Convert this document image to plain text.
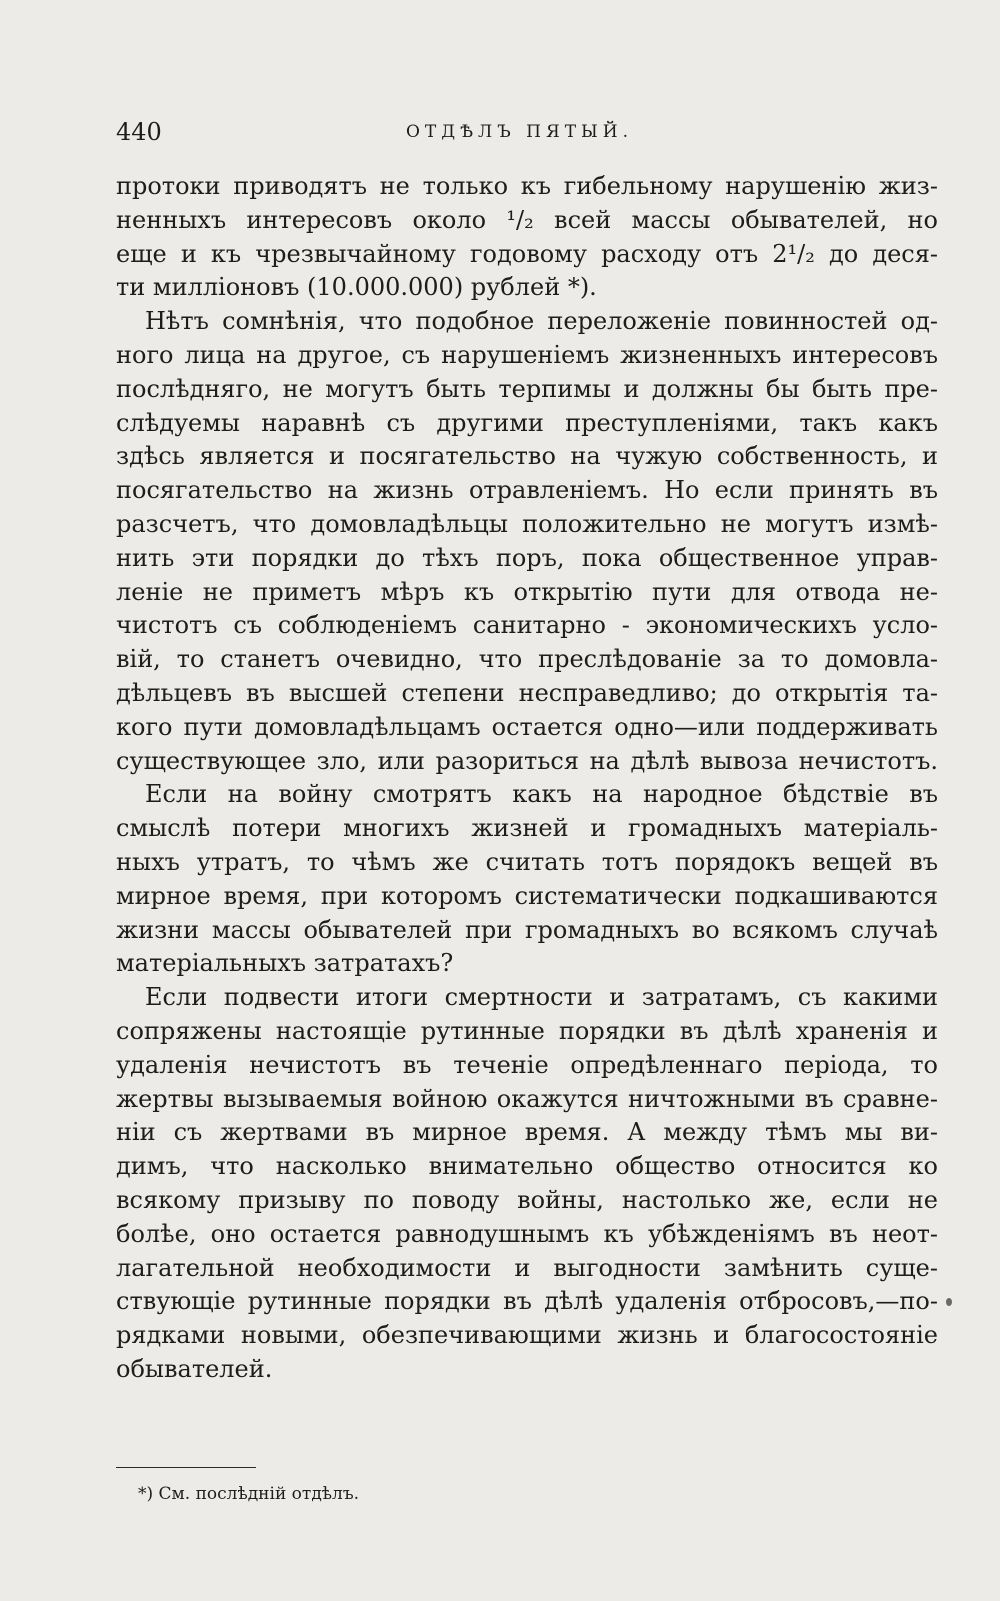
440	ОТДѢЛЪ ПЯТЫЙ.
протоки приводятъ не только къ гибельному нарушенію жиз-
ненныхъ интересовъ около ¹/₂ всей массы обывателей, но
еще и къ чрезвычайному годовому расходу отъ 2¹/₂ до деся-
ти милліоновъ (10.000.000) рублей *).
Нѣтъ сомнѣнія, что подобное переложеніе повинностей од-
ного лица на другое, съ нарушеніемъ жизненныхъ интересовъ
послѣдняго, не могутъ быть терпимы и должны бы быть пре-
слѣдуемы наравнѣ съ другими преступленіями, такъ какъ
здѣсь является и посягательство на чужую собственность, и
посягательство на жизнь отравленіемъ. Но если принять въ
разсчетъ, что домовладѣльцы положительно не могутъ измѣ-
нить эти порядки до тѣхъ поръ, пока общественное управ-
леніе не приметъ мѣръ къ открытію пути для отвода не-
чистотъ съ соблюденіемъ санитарно - экономическихъ усло-
вій, то станетъ очевидно, что преслѣдованіе за то домовла-
дѣльцевъ въ высшей степени несправедливо; до открытія та-
кого пути домовладѣльцамъ остается одно—или поддерживать
существующее зло, или разориться на дѣлѣ вывоза нечистотъ.
Если на войну смотрятъ какъ на народное бѣдствіе въ
смыслѣ потери многихъ жизней и громадныхъ матеріаль-
ныхъ утратъ, то чѣмъ же считать тотъ порядокъ вещей въ
мирное время, при которомъ систематически подкашиваются
жизни массы обывателей при громадныхъ во всякомъ случаѣ
матеріальныхъ затратахъ?
Если подвести итоги смертности и затратамъ, съ какими
сопряжены настоящіе рутинные порядки въ дѣлѣ храненія и
удаленія нечистотъ въ теченіе опредѣленнаго періода, то
жертвы вызываемыя войною окажутся ничтожными въ сравне-
ніи съ жертвами въ мирное время. А между тѣмъ мы ви-
димъ, что насколько внимательно общество относится ко
всякому призыву по поводу войны, настолько же, если не
болѣе, оно остается равнодушнымъ къ убѣжденіямъ въ неот-
лагательной необходимости и выгодности замѣнить суще-
ствующіе рутинные порядки въ дѣлѣ удаленія отбросовъ,—по-
рядками новыми, обезпечивающими жизнь и благосостояніе
обывателей.
*) См. послѣдній отдѣлъ.
